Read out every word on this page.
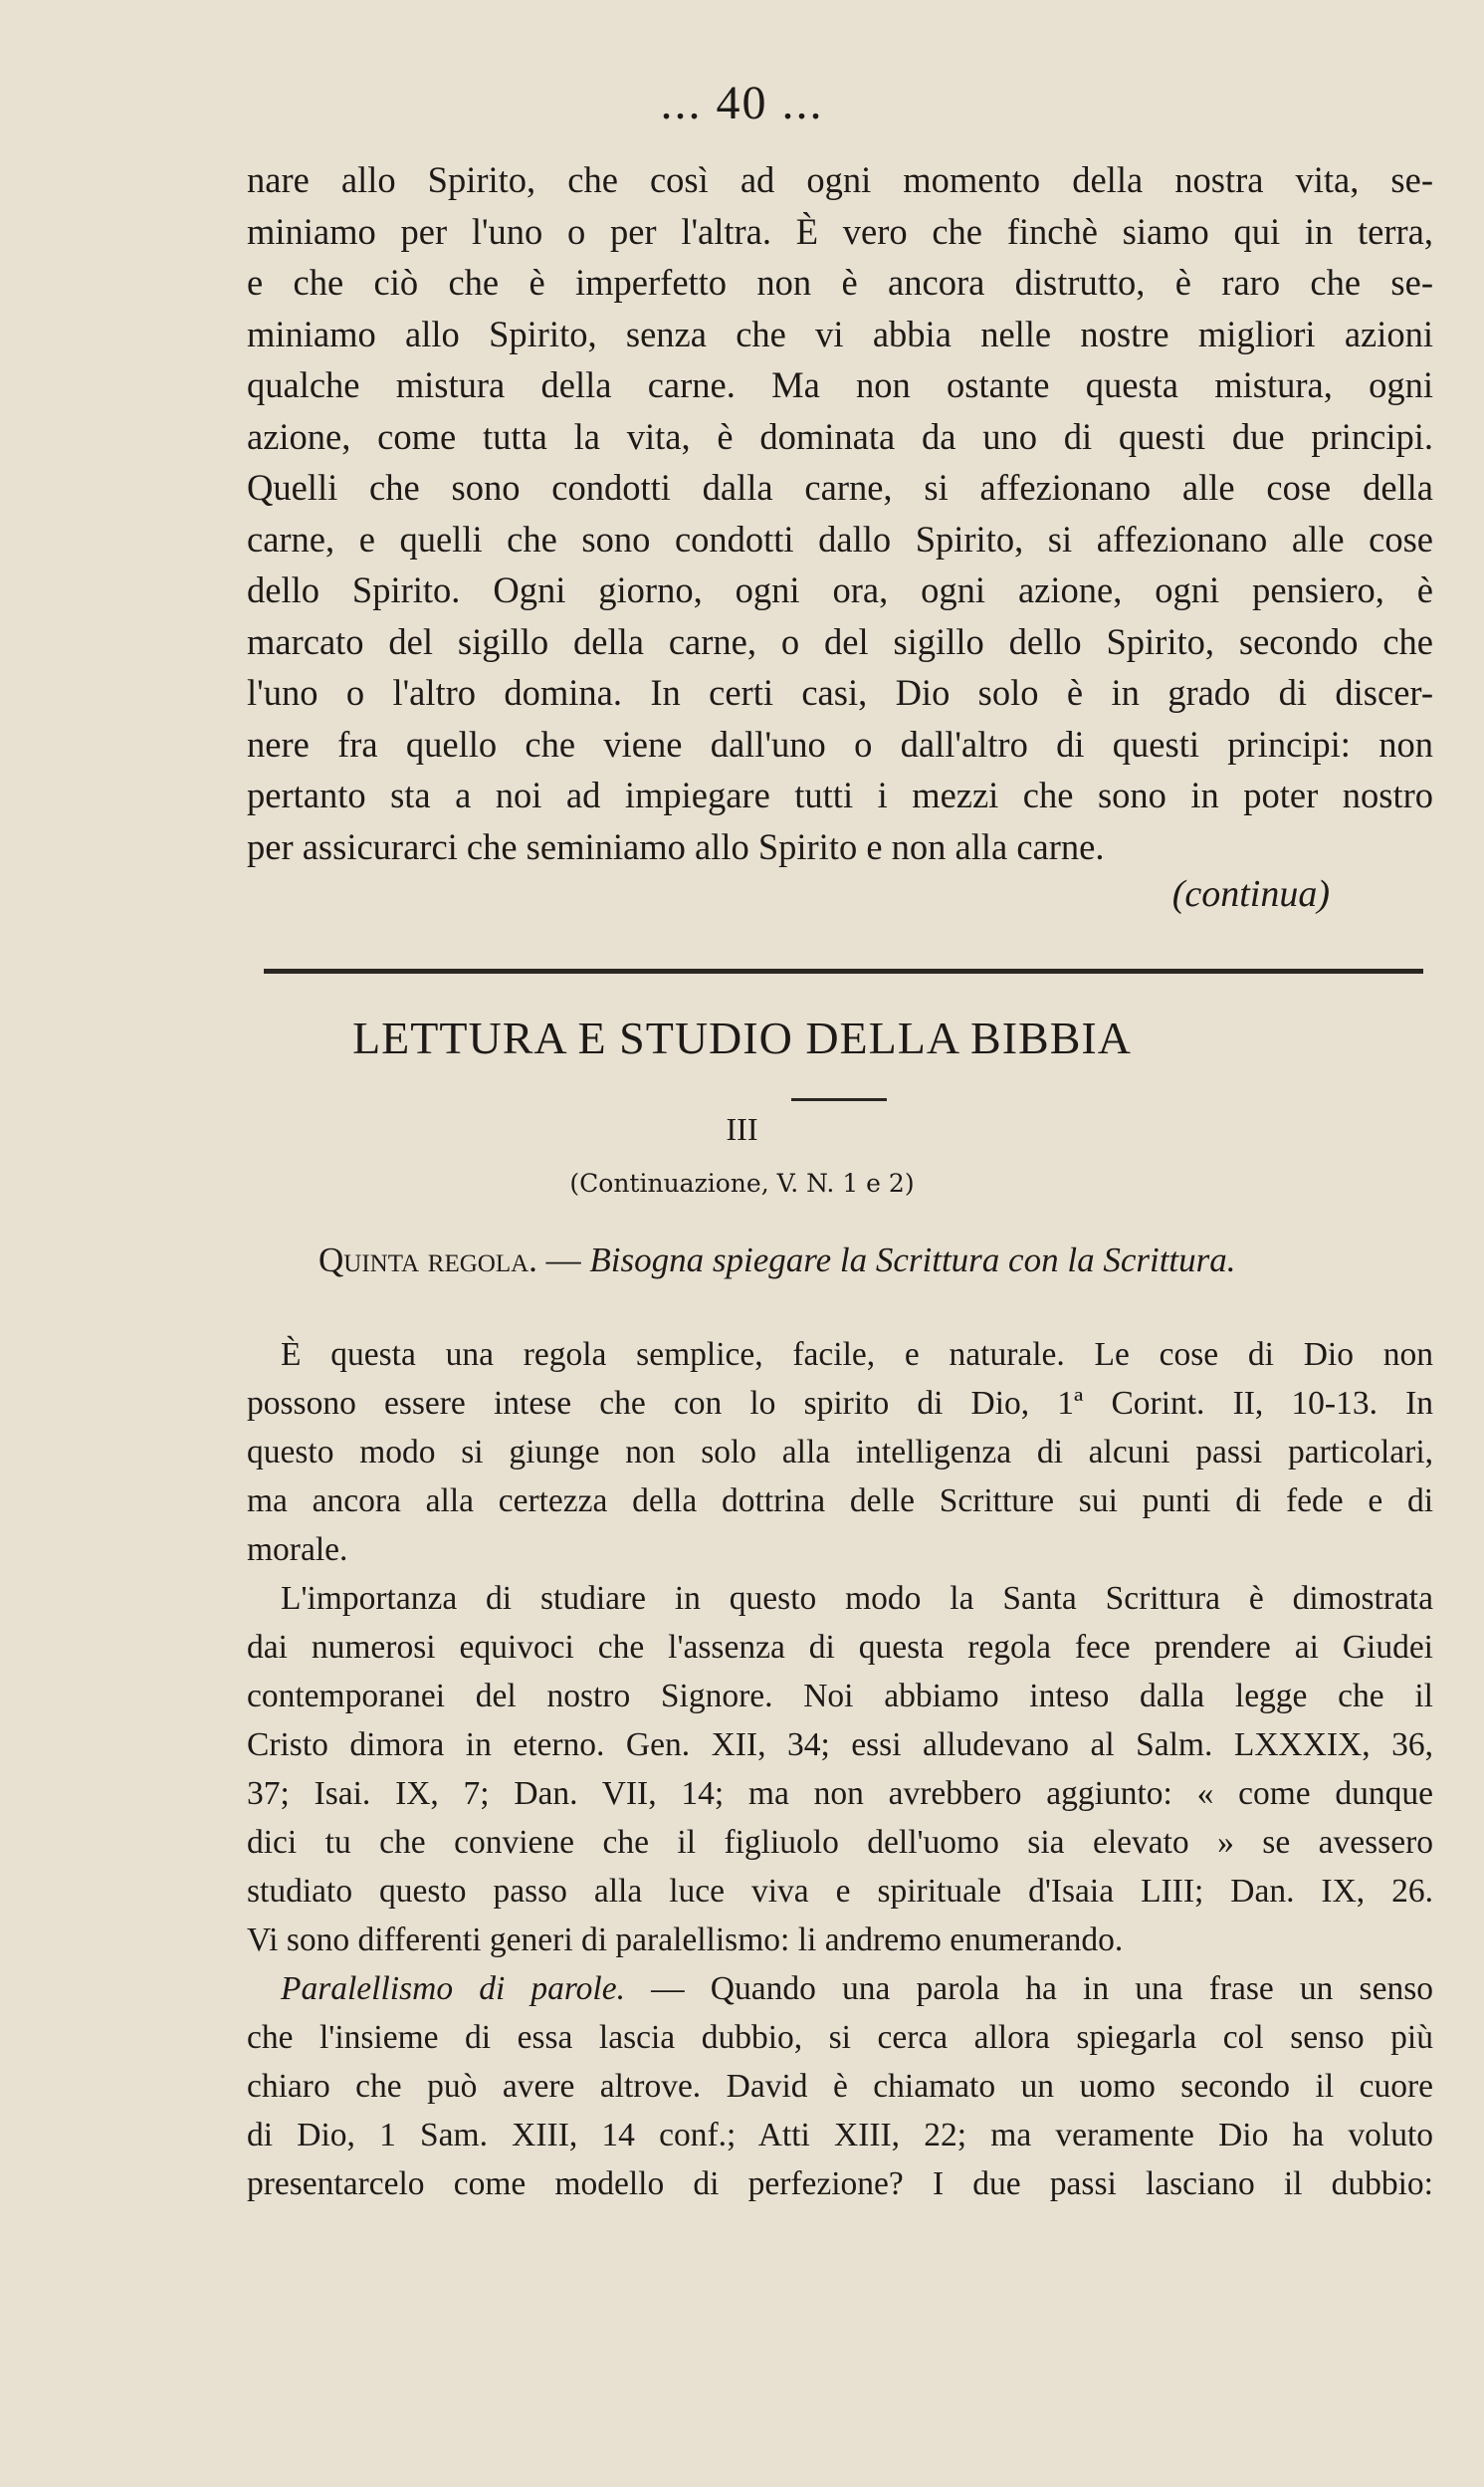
... 40 ...
nare allo Spirito, che così ad ogni momento della nostra vita, se-
miniamo per l'uno o per l'altra. È vero che finchè siamo qui in terra,
e che ciò che è imperfetto non è ancora distrutto, è raro che se-
miniamo allo Spirito, senza che vi abbia nelle nostre migliori azioni
qualche mistura della carne. Ma non ostante questa mistura, ogni
azione, come tutta la vita, è dominata da uno di questi due principi.
Quelli che sono condotti dalla carne, si affezionano alle cose della
carne, e quelli che sono condotti dallo Spirito, si affezionano alle cose
dello Spirito. Ogni giorno, ogni ora, ogni azione, ogni pensiero, è
marcato del sigillo della carne, o del sigillo dello Spirito, secondo che
l'uno o l'altro domina. In certi casi, Dio solo è in grado di discer-
nere fra quello che viene dall'uno o dall'altro di questi principi: non
pertanto sta a noi ad impiegare tutti i mezzi che sono in poter nostro
per assicurarci che seminiamo allo Spirito e non alla carne.
(continua)
LETTURA E STUDIO DELLA BIBBIA
III
(Continuazione, V. N. 1 e 2)
Quinta regola. — Bisogna spiegare la Scrittura con la Scrittura.
È questa una regola semplice, facile, e naturale. Le cose di Dio non
possono essere intese che con lo spirito di Dio, 1ª Corint. II, 10-13. In
questo modo si giunge non solo alla intelligenza di alcuni passi particolari,
ma ancora alla certezza della dottrina delle Scritture sui punti di fede e di
morale.
L'importanza di studiare in questo modo la Santa Scrittura è dimostrata
dai numerosi equivoci che l'assenza di questa regola fece prendere ai Giudei
contemporanei del nostro Signore. Noi abbiamo inteso dalla legge che il
Cristo dimora in eterno. Gen. XII, 34; essi alludevano al Salm. LXXXIX, 36,
37; Isai. IX, 7; Dan. VII, 14; ma non avrebbero aggiunto: « come dunque
dici tu che conviene che il figliuolo dell'uomo sia elevato » se avessero
studiato questo passo alla luce viva e spirituale d'Isaia LIII; Dan. IX, 26.
Vi sono differenti generi di paralellismo: li andremo enumerando.
Paralellismo di parole. — Quando una parola ha in una frase un senso
che l'insieme di essa lascia dubbio, si cerca allora spiegarla col senso più
chiaro che può avere altrove. David è chiamato un uomo secondo il cuore
di Dio, 1 Sam. XIII, 14 conf.; Atti XIII, 22; ma veramente Dio ha voluto
presentarcelo come modello di perfezione? I due passi lasciano il dubbio:
